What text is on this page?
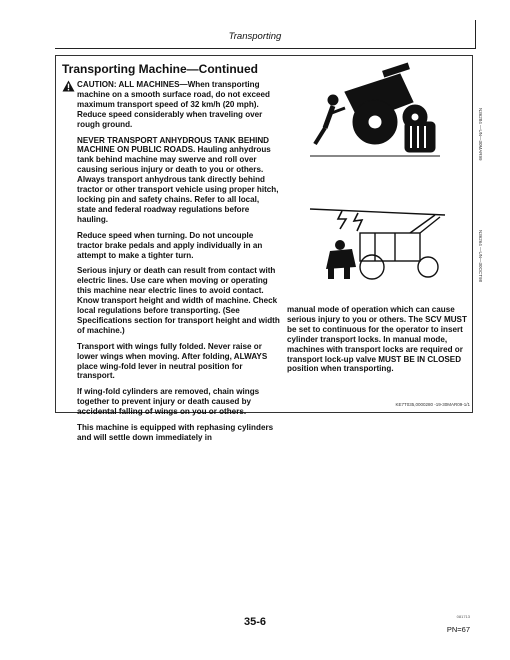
Transporting
Transporting Machine—Continued

CAUTION: ALL MACHINES—When transporting machine on a smooth surface road, do not exceed maximum transport speed of 32 km/h (20 mph). Reduce speed considerably when traveling over rough ground.

NEVER TRANSPORT ANHYDROUS TANK BEHIND MACHINE ON PUBLIC ROADS. Hauling anhydrous tank behind machine may swerve and roll over causing serious injury or death to you or others. Always transport anhydrous tank directly behind tractor or other transport vehicle using proper hitch, locking pin and safety chains. Refer to all local, state and federal roadway regulations before hauling.

Reduce speed when turning. Do not uncouple tractor brake pedals and apply individually in an attempt to make a tighter turn.

Serious injury or death can result from contact with electric lines. Use care when moving or operating this machine near electric lines to avoid contact. Know transport height and width of machine. Check local regulations before transporting. (See Specifications section for transport height and width of machine.)

Transport with wings fully folded. Never raise or lower wings when moving. After folding, ALWAYS place wing-fold lever in neutral position for transport.

If wing-fold cylinders are removed, chain wings together to prevent injury or death caused by accidental falling of wings on you or others.

This machine is equipped with rephasing cylinders and will settle down immediately in

manual mode of operation which can cause serious injury to you or others. The SCV MUST be set to continuous for the operator to insert cylinder transport locks. In manual mode, machines with transport locks are required or transport lock-up valve MUST BE IN CLOSED position when transporting.
N36284 —UN—30MAR99
N36264 —UN—30OCT98
KE7T035,0000280 -19-30MAR09-1/1
35-6	081713
PN=67
